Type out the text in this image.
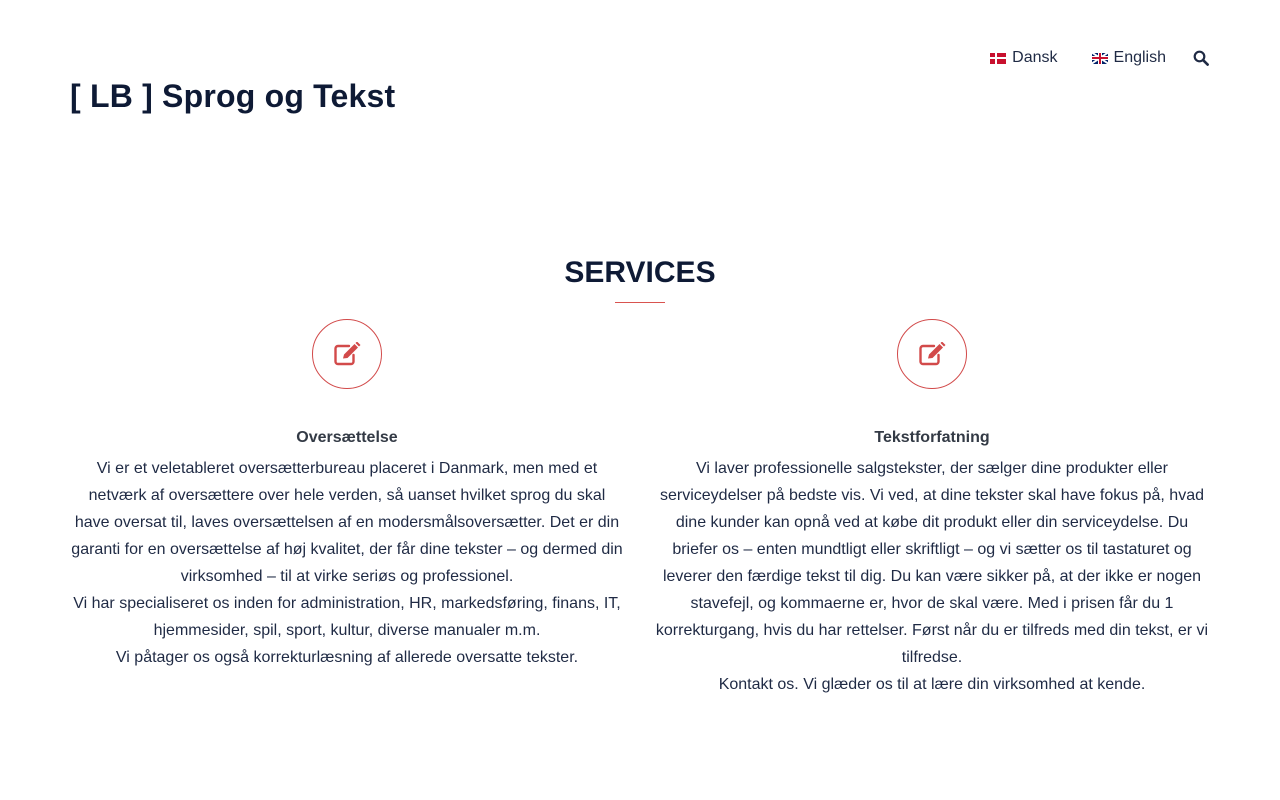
[ LB ] Sprog og Tekst
Dansk	English
SERVICES
Oversættelse

Vi er et veletableret oversætterbureau placeret i Danmark, men med et netværk af oversættere over hele verden, så uanset hvilket sprog du skal have oversat til, laves oversættelsen af en modersmålsoversætter. Det er din garanti for en oversættelse af høj kvalitet, der får dine tekster – og dermed din virksomhed – til at virke seriøs og professionel.

Vi har specialiseret os inden for administration, HR, markedsføring, finans, IT, hjemmesider, spil, sport, kultur, diverse manualer m.m.

Vi påtager os også korrekturlæsning af allerede oversatte tekster.

Tekstforfatning

Vi laver professionelle salgstekster, der sælger dine produkter eller serviceydelser på bedste vis. Vi ved, at dine tekster skal have fokus på, hvad dine kunder kan opnå ved at købe dit produkt eller din serviceydelse. Du briefer os – enten mundtligt eller skriftligt – og vi sætter os til tastaturet og leverer den færdige tekst til dig. Du kan være sikker på, at der ikke er nogen stavefejl, og kommaerne er, hvor de skal være. Med i prisen får du 1 korrekturgang, hvis du har rettelser. Først når du er tilfreds med din tekst, er vi tilfredse.

Kontakt os. Vi glæder os til at lære din virksomhed at kende.
